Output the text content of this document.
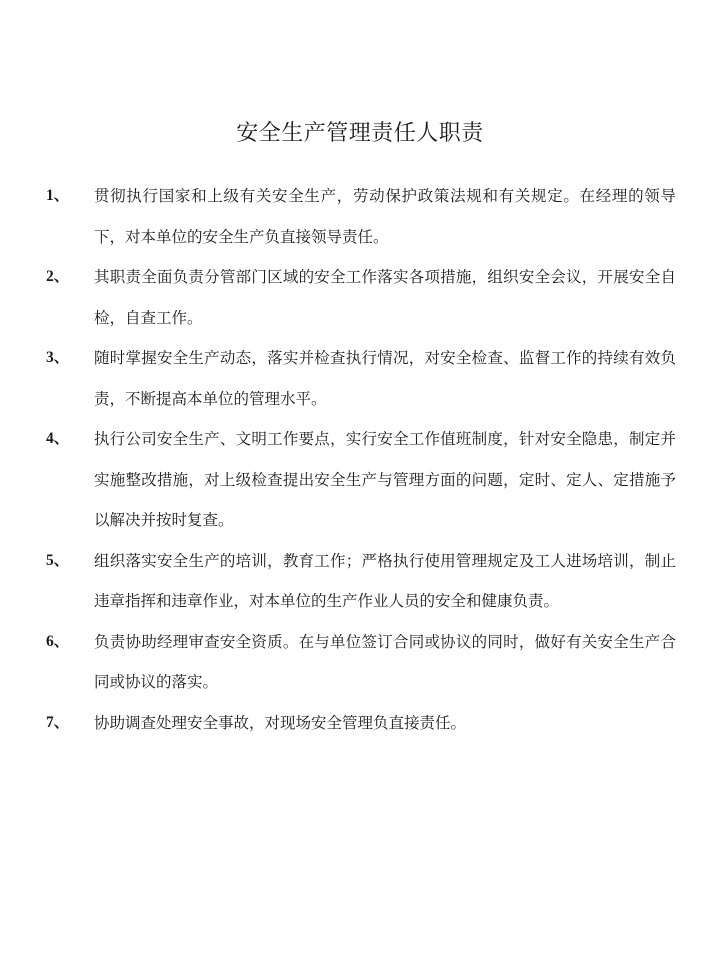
安全生产管理责任人职责
1、	贯彻执行国家和上级有关安全生产，劳动保护政策法规和有关规定。在经理的领导下，对本单位的安全生产负直接领导责任。
2、	其职责全面负责分管部门区域的安全工作落实各项措施，组织安全会议，开展安全自检，自查工作。
3、	随时掌握安全生产动态，落实并检查执行情况，对安全检查、监督工作的持续有效负责，不断提高本单位的管理水平。
4、	执行公司安全生产、文明工作要点，实行安全工作值班制度，针对安全隐患，制定并实施整改措施，对上级检查提出安全生产与管理方面的问题，定时、定人、定措施予以解决并按时复查。
5、	组织落实安全生产的培训，教育工作；严格执行使用管理规定及工人进场培训，制止违章指挥和违章作业，对本单位的生产作业人员的安全和健康负责。
6、	负责协助经理审查安全资质。在与单位签订合同或协议的同时，做好有关安全生产合同或协议的落实。
7、	协助调查处理安全事故，对现场安全管理负直接责任。
